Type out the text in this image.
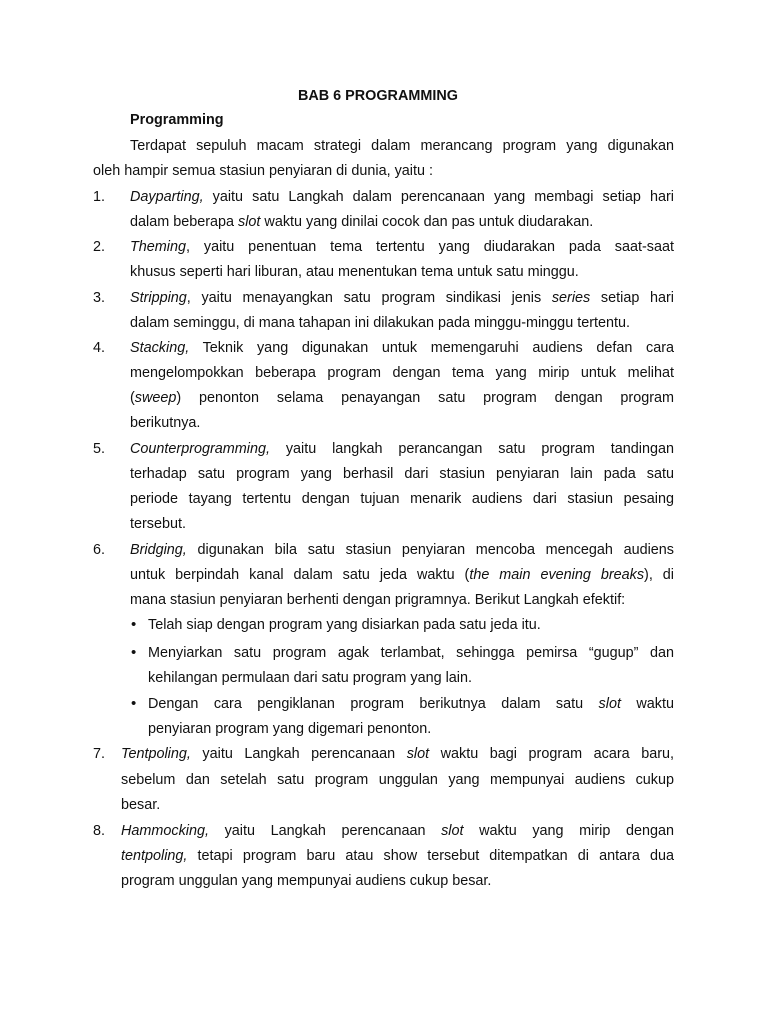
BAB 6 PROGRAMMING
Programming
Terdapat sepuluh macam strategi dalam merancang program yang digunakan
oleh hampir semua stasiun penyiaran di dunia, yaitu :
1. Dayparting, yaitu satu Langkah dalam perencanaan yang membagi setiap hari
dalam beberapa slot waktu yang dinilai cocok dan pas untuk diudarakan.
2. Theming, yaitu penentuan tema tertentu yang diudarakan pada saat-saat
khusus seperti hari liburan, atau menentukan tema untuk satu minggu.
3. Stripping, yaitu menayangkan satu program sindikasi jenis series setiap hari
dalam seminggu, di mana tahapan ini dilakukan pada minggu-minggu tertentu.
4. Stacking, Teknik yang digunakan untuk memengaruhi audiens defan cara
mengelompokkan beberapa program dengan tema yang mirip untuk melihat
(sweep) penonton selama penayangan satu program dengan program
berikutnya.
5. Counterprogramming, yaitu langkah perancangan satu program tandingan
terhadap satu program yang berhasil dari stasiun penyiaran lain pada satu
periode tayang tertentu dengan tujuan menarik audiens dari stasiun pesaing
tersebut.
6. Bridging, digunakan bila satu stasiun penyiaran mencoba mencegah audiens
untuk berpindah kanal dalam satu jeda waktu (the main evening breaks), di
mana stasiun penyiaran berhenti dengan prigramnya. Berikut Langkah efektif:
• Telah siap dengan program yang disiarkan pada satu jeda itu.
• Menyiarkan satu program agak terlambat, sehingga pemirsa “gugup” dan
kehilangan permulaan dari satu program yang lain.
• Dengan cara pengiklanan program berikutnya dalam satu slot waktu
penyiaran program yang digemari penonton.
7. Tentpoling, yaitu Langkah perencanaan slot waktu bagi program acara baru,
sebelum dan setelah satu program unggulan yang mempunyai audiens cukup
besar.
8. Hammocking, yaitu Langkah perencanaan slot waktu yang mirip dengan
tentpoling, tetapi program baru atau show tersebut ditempatkan di antara dua
program unggulan yang mempunyai audiens cukup besar.
